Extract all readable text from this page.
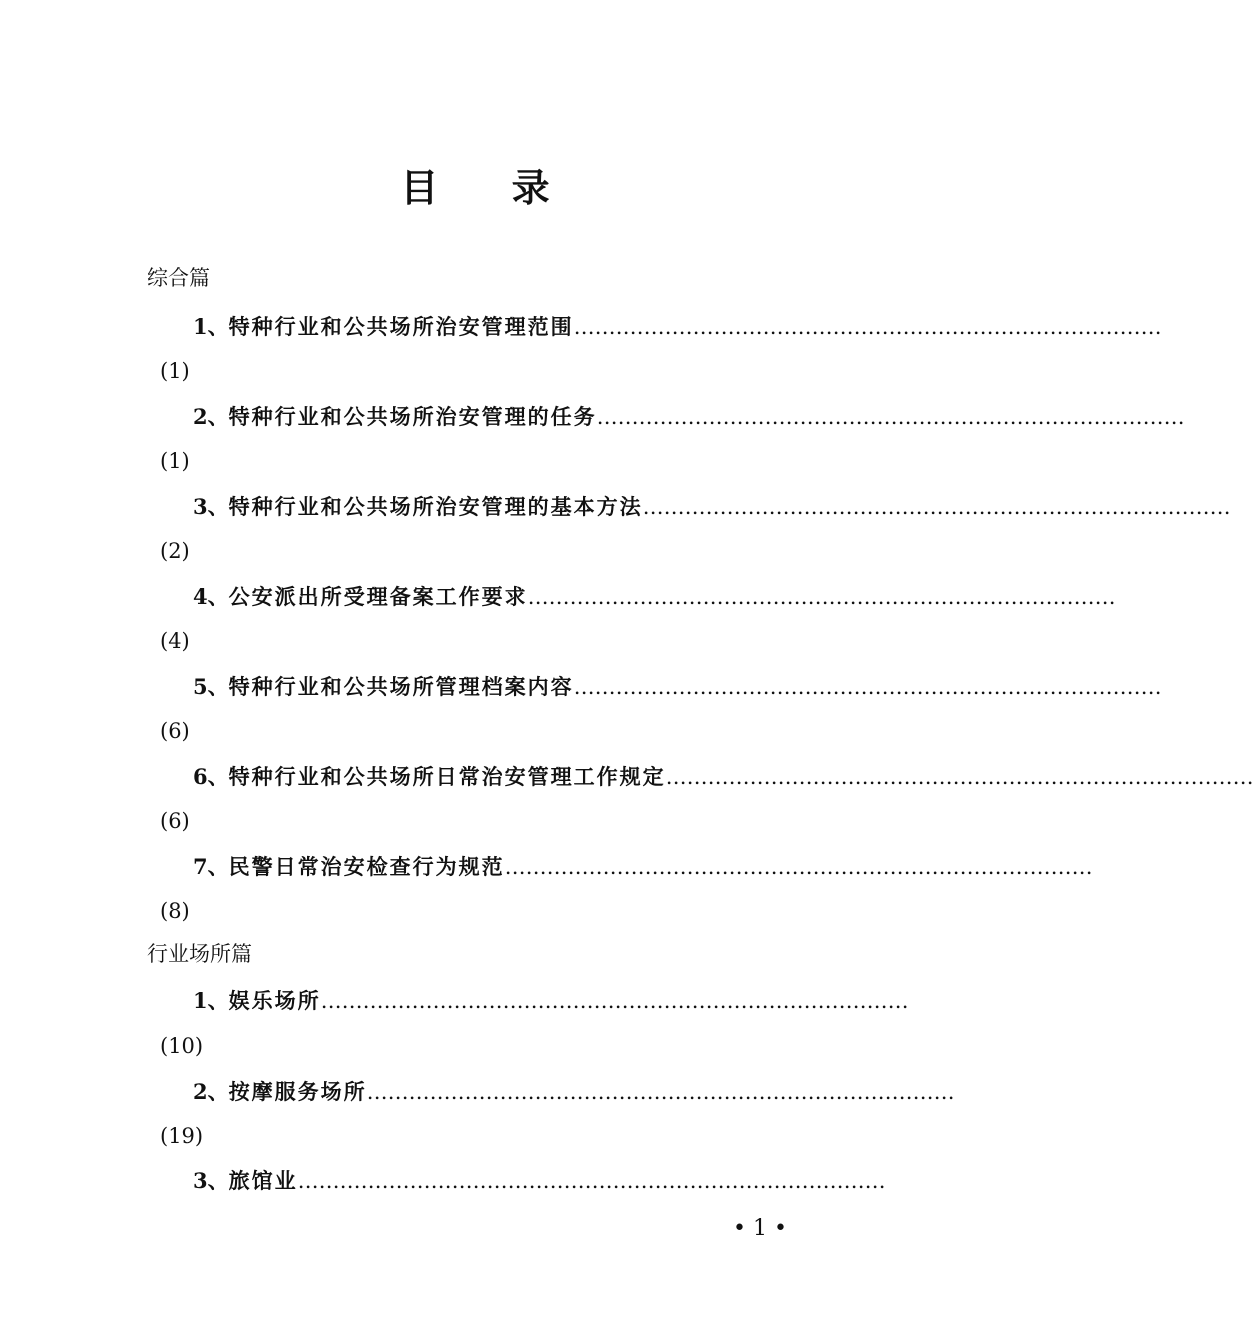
目 录
综合篇
1、 特种行业和公共场所治安管理范围 …………………………………………………………………………
(1)
2、 特种行业和公共场所治安管理的任务 …………………………………………………………………………
(1)
3、 特种行业和公共场所治安管理的基本方法 …………………………………………………………………………
(2)
4、 公安派出所受理备案工作要求 …………………………………………………………………………
(4)
5、 特种行业和公共场所管理档案内容 …………………………………………………………………………
(6)
6、 特种行业和公共场所日常治安管理工作规定 …………………………………………………………………………
(6)
7、 民警日常治安检查行为规范 …………………………………………………………………………
(8)
行业场所篇
1、 娱乐场所 …………………………………………………………………………
(10)
2、 按摩服务场所 …………………………………………………………………………
(19)
3、 旅馆业 …………………………………………………………………………
• 1 •
